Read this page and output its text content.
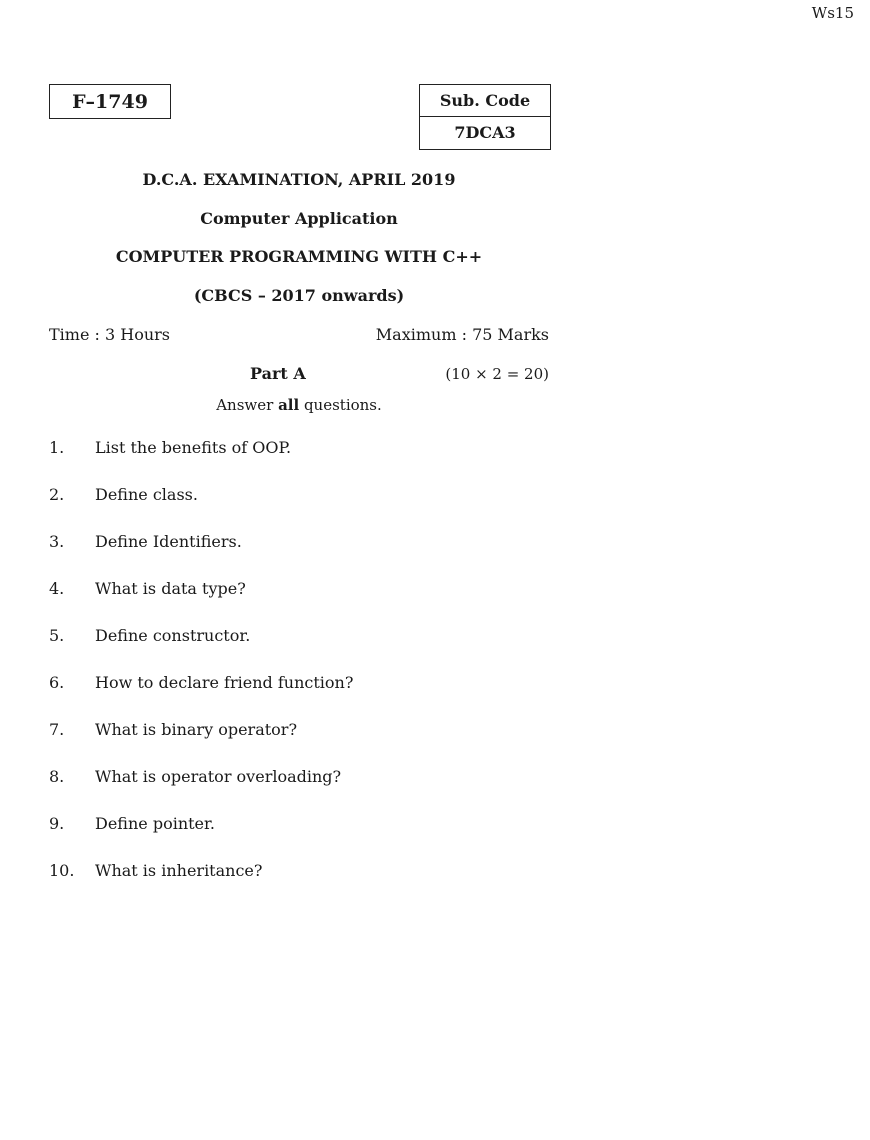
Ws15
F–1749	Sub. Code
7DCA3
D.C.A. EXAMINATION, APRIL 2019
Computer Application
COMPUTER PROGRAMMING WITH C++
(CBCS – 2017 onwards)
Time : 3 Hours	Maximum : 75 Marks
Part A	(10 × 2 = 20)
Answer all questions.
1.	List the benefits of OOP.
2.	Define class.
3.	Define Identifiers.
4.	What is data type?
5.	Define constructor.
6.	How to declare friend function?
7.	What is binary operator?
8.	What is operator overloading?
9.	Define pointer.
10.	What is inheritance?
